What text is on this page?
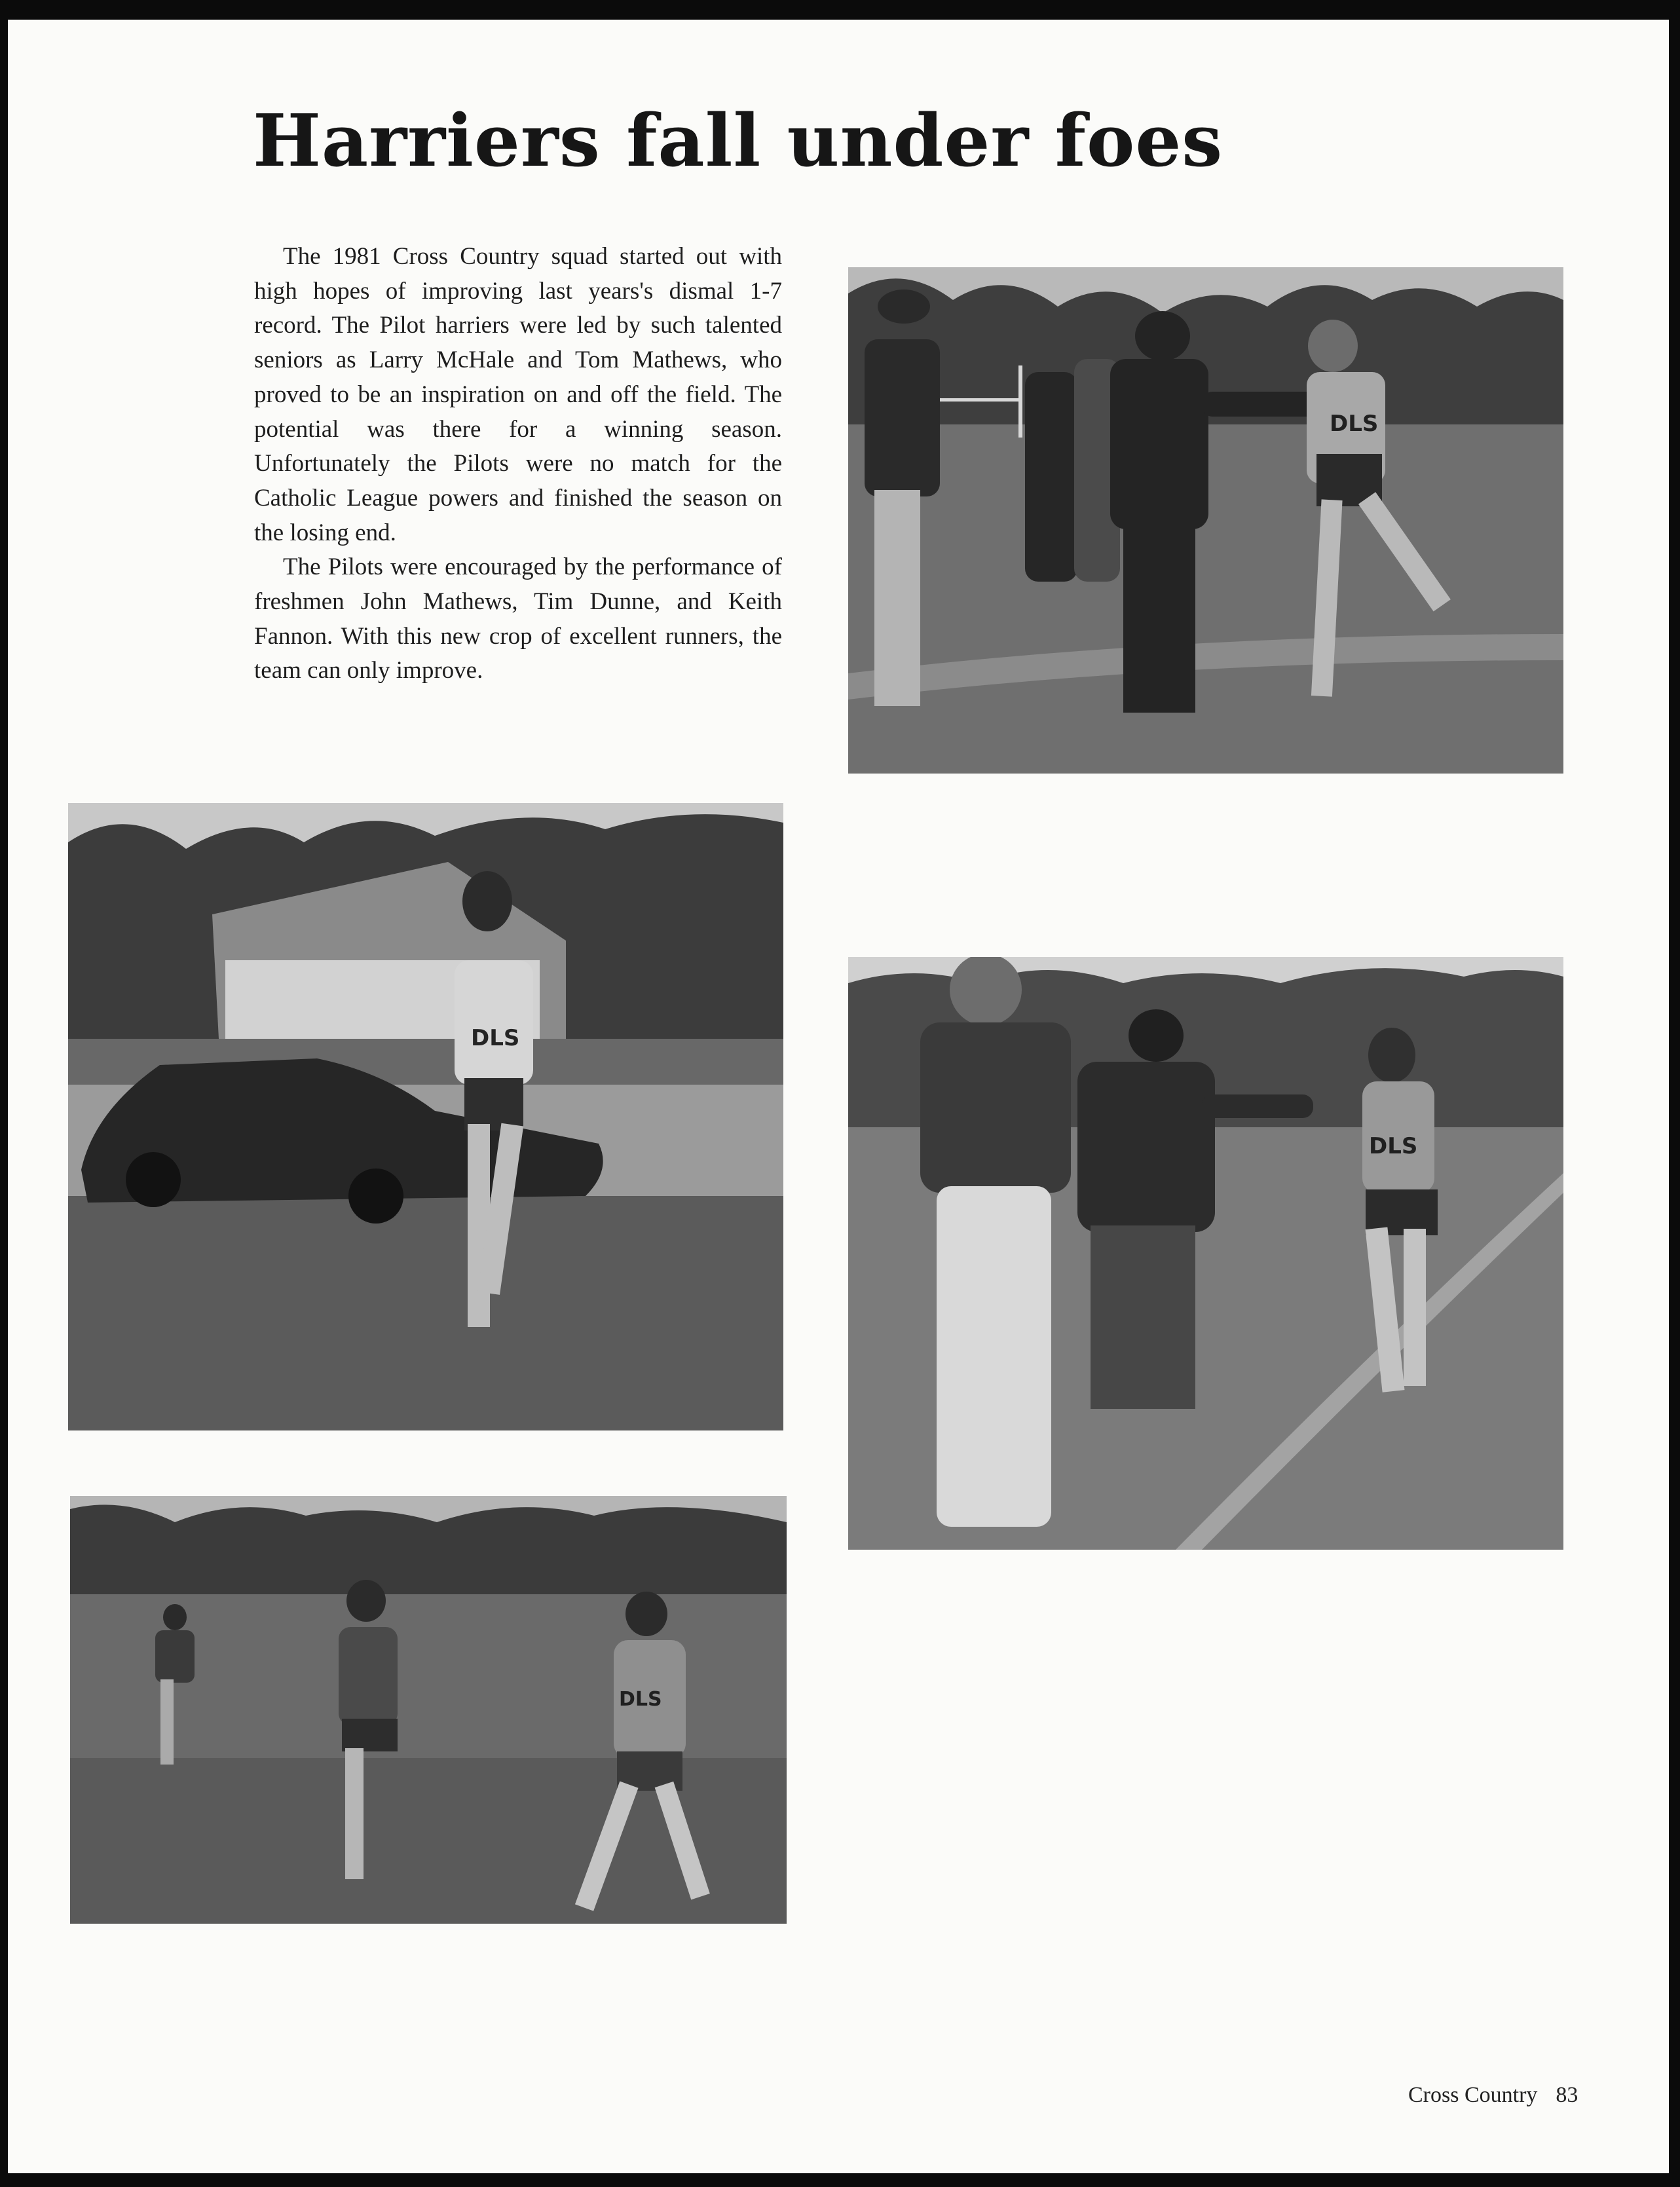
Harriers fall under foes

The 1981 Cross Country squad started out with high hopes of improving last years's dismal 1-7 record. The Pilot harriers were led by such talented seniors as Larry McHale and Tom Mathews, who proved to be an inspiration on and off the field. The potential was there for a winning season. Unfortunately the Pilots were no match for the Catholic League powers and finished the season on the losing end.

The Pilots were encouraged by the performance of freshmen John Mathews, Tim Dunne, and Keith Fannon. With this new crop of excellent runners, the team can only improve.

DLS
DLS
DLS
DLS
Cross Country 83
